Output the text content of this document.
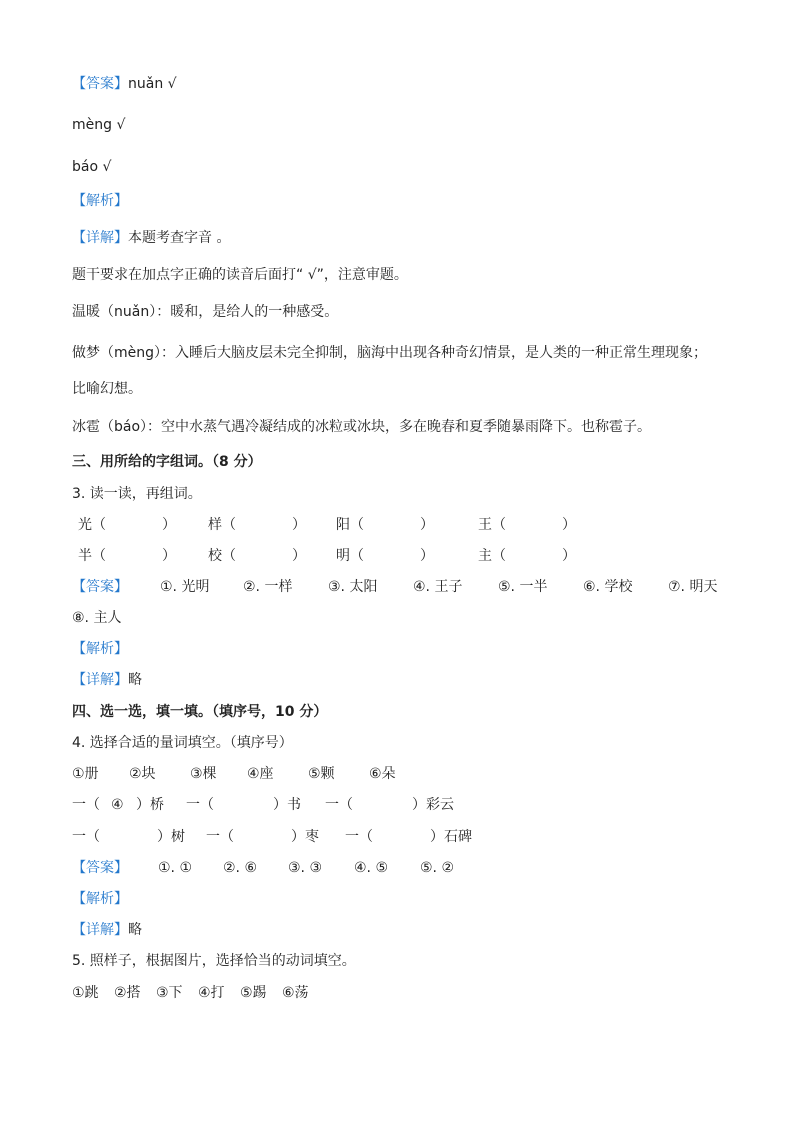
【答案】nuǎn √
mèng √
báo √
【解析】
【详解】本题考查字音 。
题干要求在加点字正确的读音后面打“ √”，注意审题。
温暖（nuǎn）：暖和，是给人的一种感受。
做梦（mèng）：入睡后大脑皮层未完全抑制，脑海中出现各种奇幻情景，是人类的一种正常生理现象；
比喻幻想。
冰雹（báo）：空中水蒸气遇冷凝结成的冰粒或冰块，多在晚春和夏季随暴雨降下。也称雹子。
三、用所给的字组词。（8 分）
3. 读一读，再组词。
光（	） 样（	） 阳（	）	王（	）
半（	） 校（	） 明（	）	主（	）
【答案】 ①. 光明 ②. 一样	③. 太阳	④. 王子	⑤. 一半	⑥. 学校	⑦. 明天
⑧. 主人
【解析】
【详解】略
四、选一选，填一填。（填序号，10 分）
4. 选择合适的量词填空。（填序号）
①册 ②块 ③棵 ④座 ⑤颗 ⑥朵
一（ ④ ）桥 一（	）书 一（	）彩云
一（	）树 一（	）枣 一（	）石碑
【答案】 ①. ① ②. ⑥ ③. ③ ④. ⑤ ⑤. ②
【解析】
【详解】略
5. 照样子，根据图片，选择恰当的动词填空。
①跳 ②搭 ③下 ④打 ⑤踢 ⑥荡
